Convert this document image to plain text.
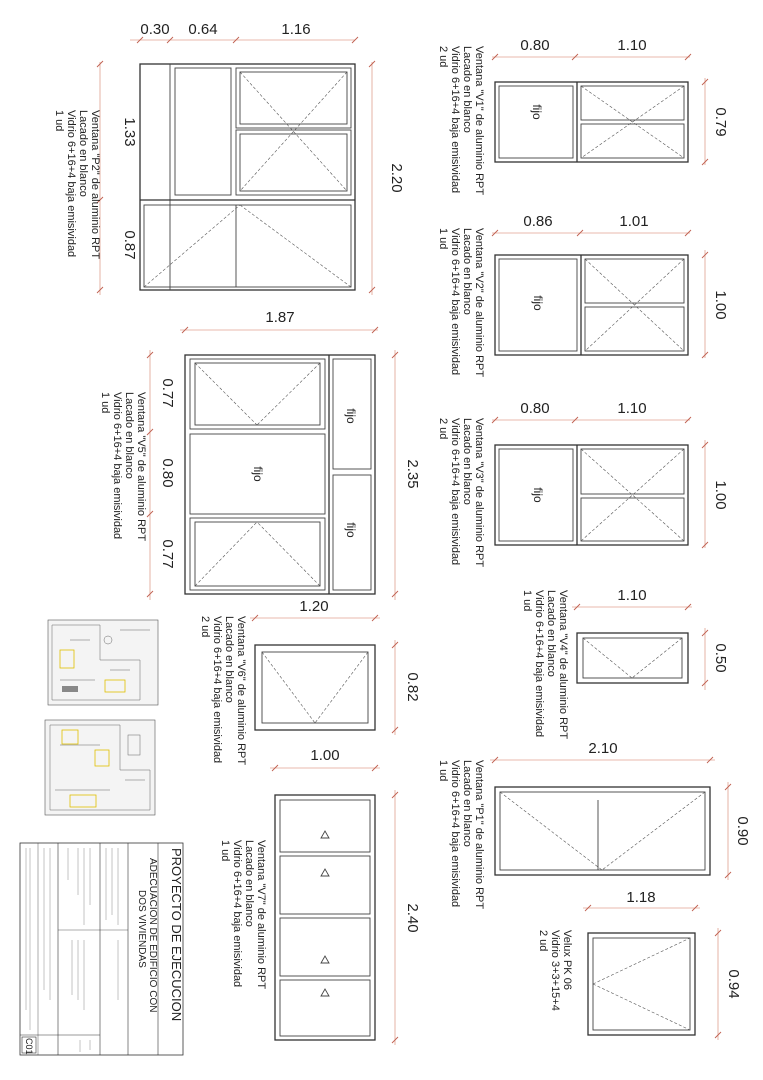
0.30 0.64	1.16
1.33
0.87
2.20
Ventana "P2" de aluminio RPT
Lacado en blanco
Vidrio 6+16+4 baja emisividad
1 ud
0.80	1.10
0.79
fijo
Ventana "V1" de aluminio RPT
Lacado en blanco
Vidrio 6+16+4 baja emisividad
2 ud
0.86	1.01
1.00
fijo
Ventana "V2" de aluminio RPT
Lacado en blanco
Vidrio 6+16+4 baja emisividad
1 ud
1.87
0.77
0.80
0.77
2.35
fijo
fijo
fijo
Ventana "V5" de aluminio RPT
Lacado en blanco
Vidrio 6+16+4 baja emisividad
1 ud	0.80	1.10
1.00
fijo
Ventana "V3" de aluminio RPT
Lacado en blanco
Vidrio 6+16+4 baja emisividad
2 ud
1.10
0.50
Ventana "V4" de aluminio RPT
Lacado en blanco
Vidrio 6+16+4 baja emisividad
1 ud
1.20
0.82
Ventana "V6" de aluminio RPT
Lacado en blanco
Vidrio 6+16+4 baja emisividad
2 ud
2.10
0.90
Ventana "P1" de aluminio RPT
Lacado en blanco
Vidrio 6+16+4 baja emisividad
1 ud
1.00
2.40
Ventana "V7" de aluminio RPT
Lacado en blanco
Vidrio 6+16+4 baja emisividad
1 ud
1.18
0.94
Velux PK 06
Vidrio 3+3+15+4
2 ud
PROYECTO DE EJECUCION
ADECUACION DE EDIFICIO CON
DOS VIVIENDAS
C01
